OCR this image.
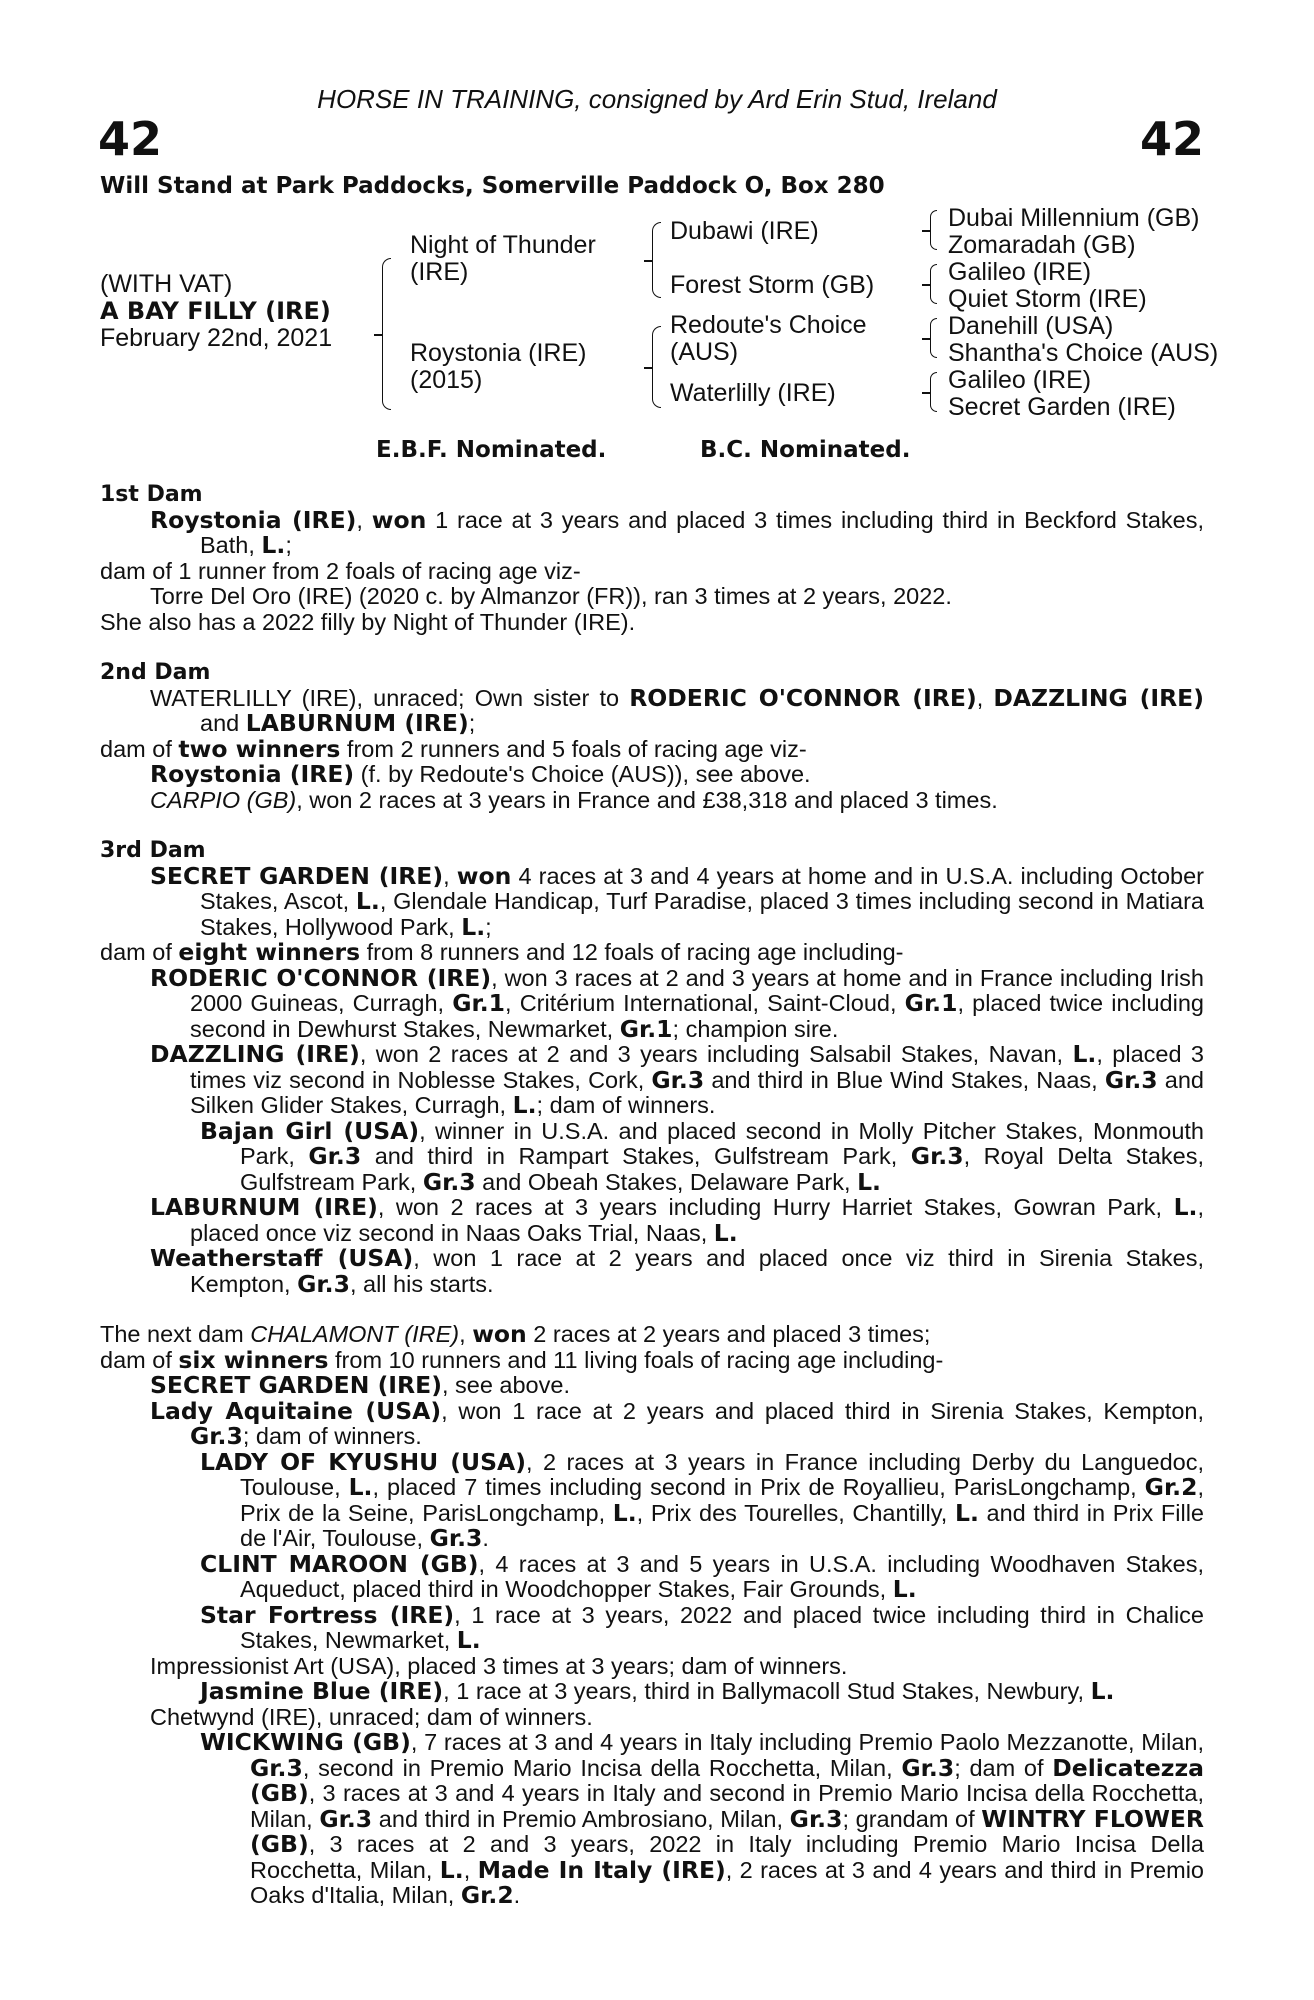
HORSE IN TRAINING, consigned by Ard Erin Stud, Ireland
42	42
Will Stand at Park Paddocks, Somerville Paddock O, Box 280
(WITH VAT)
A BAY FILLY (IRE)
February 22nd, 2021
Night of Thunder
(IRE)
Roystonia (IRE)
(2015)
Dubawi (IRE)
Forest Storm (GB)
Redoute's Choice
(AUS)
Waterlilly (IRE)
Dubai Millennium (GB)
Zomaradah (GB)
Galileo (IRE)
Quiet Storm (IRE)
Danehill (USA)
Shantha's Choice (AUS)
Galileo (IRE)
Secret Garden (IRE)
E.B.F. Nominated.	B.C. Nominated.

1st Dam

Roystonia (IRE), won 1 race at 3 years and placed 3 times including third in Beckford Stakes, Bath, L.;

dam of 1 runner from 2 foals of racing age viz-

Torre Del Oro (IRE) (2020 c. by Almanzor (FR)), ran 3 times at 2 years, 2022.

She also has a 2022 filly by Night of Thunder (IRE).

2nd Dam

WATERLILLY (IRE), unraced; Own sister to RODERIC O'CONNOR (IRE), DAZZLING (IRE) and LABURNUM (IRE);

dam of two winners from 2 runners and 5 foals of racing age viz-

Roystonia (IRE) (f. by Redoute's Choice (AUS)), see above.

CARPIO (GB), won 2 races at 3 years in France and £38,318 and placed 3 times.

3rd Dam

SECRET GARDEN (IRE), won 4 races at 3 and 4 years at home and in U.S.A. including October Stakes, Ascot, L., Glendale Handicap, Turf Paradise, placed 3 times including second in Matiara Stakes, Hollywood Park, L.;

dam of eight winners from 8 runners and 12 foals of racing age including-

RODERIC O'CONNOR (IRE), won 3 races at 2 and 3 years at home and in France including Irish 2000 Guineas, Curragh, Gr.1, Critérium International, Saint-Cloud, Gr.1, placed twice including second in Dewhurst Stakes, Newmarket, Gr.1; champion sire.

DAZZLING (IRE), won 2 races at 2 and 3 years including Salsabil Stakes, Navan, L., placed 3 times viz second in Noblesse Stakes, Cork, Gr.3 and third in Blue Wind Stakes, Naas, Gr.3 and Silken Glider Stakes, Curragh, L.; dam of winners.

Bajan Girl (USA), winner in U.S.A. and placed second in Molly Pitcher Stakes, Monmouth Park, Gr.3 and third in Rampart Stakes, Gulfstream Park, Gr.3, Royal Delta Stakes, Gulfstream Park, Gr.3 and Obeah Stakes, Delaware Park, L.

LABURNUM (IRE), won 2 races at 3 years including Hurry Harriet Stakes, Gowran Park, L., placed once viz second in Naas Oaks Trial, Naas, L.

Weatherstaff (USA), won 1 race at 2 years and placed once viz third in Sirenia Stakes, Kempton, Gr.3, all his starts.

The next dam CHALAMONT (IRE), won 2 races at 2 years and placed 3 times;

dam of six winners from 10 runners and 11 living foals of racing age including-

SECRET GARDEN (IRE), see above.

Lady Aquitaine (USA), won 1 race at 2 years and placed third in Sirenia Stakes, Kempton, Gr.3; dam of winners.

LADY OF KYUSHU (USA), 2 races at 3 years in France including Derby du Languedoc, Toulouse, L., placed 7 times including second in Prix de Royallieu, ParisLongchamp, Gr.2, Prix de la Seine, ParisLongchamp, L., Prix des Tourelles, Chantilly, L. and third in Prix Fille de l'Air, Toulouse, Gr.3.

CLINT MAROON (GB), 4 races at 3 and 5 years in U.S.A. including Woodhaven Stakes, Aqueduct, placed third in Woodchopper Stakes, Fair Grounds, L.

Star Fortress (IRE), 1 race at 3 years, 2022 and placed twice including third in Chalice Stakes, Newmarket, L.

Impressionist Art (USA), placed 3 times at 3 years; dam of winners.

Jasmine Blue (IRE), 1 race at 3 years, third in Ballymacoll Stud Stakes, Newbury, L.

Chetwynd (IRE), unraced; dam of winners.

WICKWING (GB), 7 races at 3 and 4 years in Italy including Premio Paolo Mezzanotte, Milan, Gr.3, second in Premio Mario Incisa della Rocchetta, Milan, Gr.3; dam of Delicatezza (GB), 3 races at 3 and 4 years in Italy and second in Premio Mario Incisa della Rocchetta, Milan, Gr.3 and third in Premio Ambrosiano, Milan, Gr.3; grandam of WINTRY FLOWER (GB), 3 races at 2 and 3 years, 2022 in Italy including Premio Mario Incisa Della Rocchetta, Milan, L., Made In Italy (IRE), 2 races at 3 and 4 years and third in Premio Oaks d'Italia, Milan, Gr.2.
